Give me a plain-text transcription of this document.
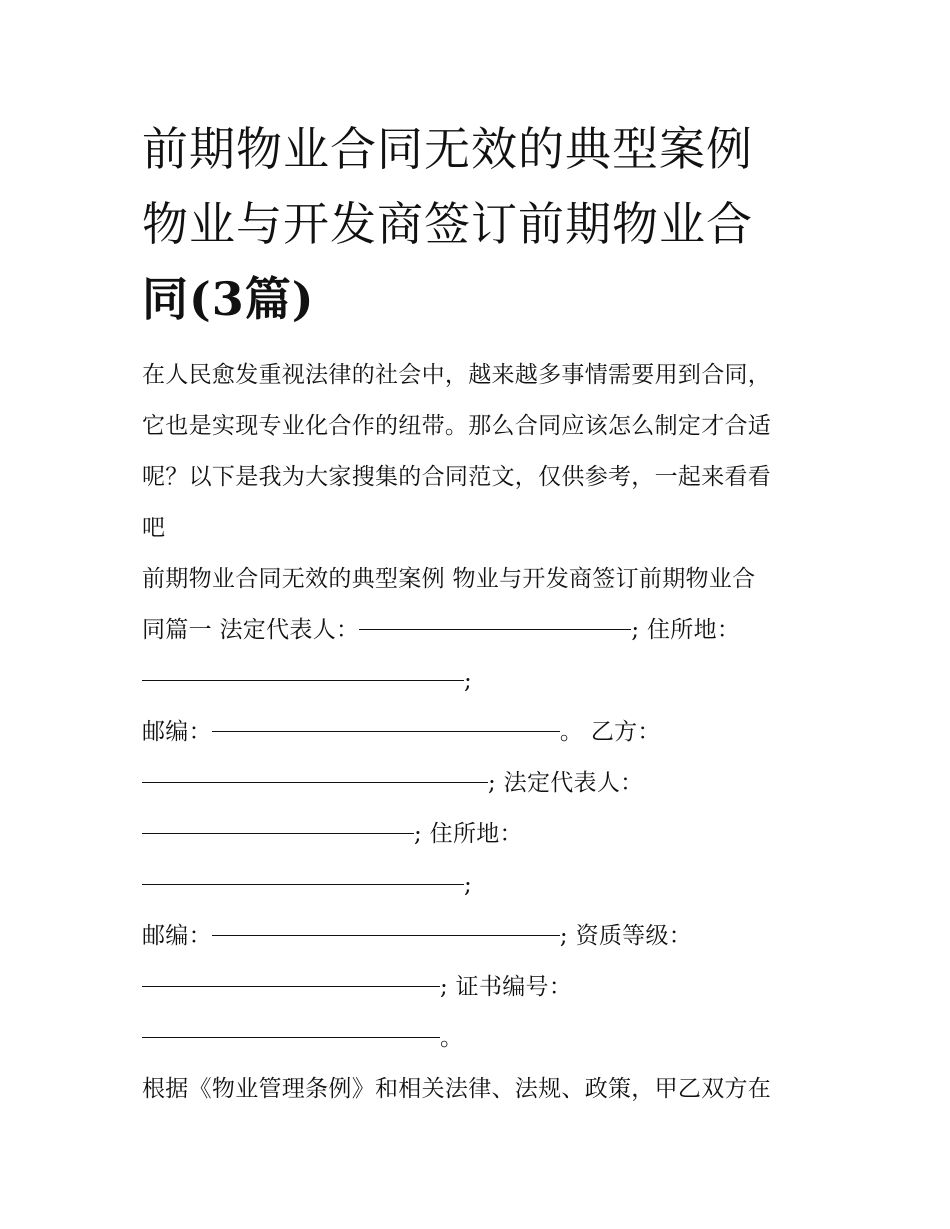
前期物业合同无效的典型案例
物业与开发商签订前期物业合
同(3篇)
在人民愈发重视法律的社会中，越来越多事情需要用到合同，
它也是实现专业化合作的纽带。那么合同应该怎么制定才合适
呢？以下是我为大家搜集的合同范文，仅供参考，一起来看看
吧
前期物业合同无效的典型案例 物业与开发商签订前期物业合
同篇一 法定代表人：	; 住所地：
;
邮编：	。 乙方：
; 法定代表人：
; 住所地：
;
邮编：	; 资质等级：
; 证书编号：
。
根据《物业管理条例》和相关法律、法规、政策，甲乙双方在
